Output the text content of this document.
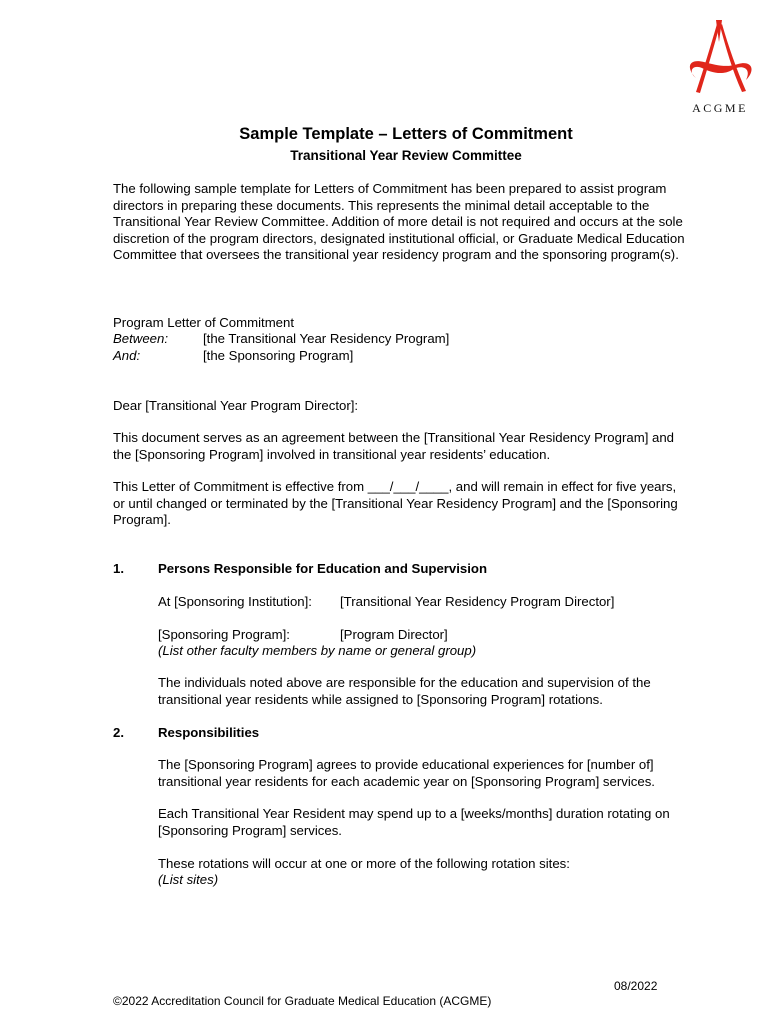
ACGME
Sample Template – Letters of Commitment
Transitional Year Review Committee
The following sample template for Letters of Commitment has been prepared to assist program directors in preparing these documents. This represents the minimal detail acceptable to the Transitional Year Review Committee. Addition of more detail is not required and occurs at the sole discretion of the program directors, designated institutional official, or Graduate Medical Education Committee that oversees the transitional year residency program and the sponsoring program(s).
Program Letter of Commitment
Between:	[the Transitional Year Residency Program]
And:	[the Sponsoring Program]
Dear [Transitional Year Program Director]:
This document serves as an agreement between the [Transitional Year Residency Program] and the [Sponsoring Program] involved in transitional year residents’ education.
This Letter of Commitment is effective from ___/___/____, and will remain in effect for five years, or until changed or terminated by the [Transitional Year Residency Program] and the [Sponsoring Program].
1.	Persons Responsible for Education and Supervision
At [Sponsoring Institution]: [Transitional Year Residency Program Director]
[Sponsoring Program]:	[Program Director]
(List other faculty members by name or general group)
The individuals noted above are responsible for the education and supervision of the transitional year residents while assigned to [Sponsoring Program] rotations.
2.	Responsibilities
The [Sponsoring Program] agrees to provide educational experiences for [number of] transitional year residents for each academic year on [Sponsoring Program] services.
Each Transitional Year Resident may spend up to a [weeks/months] duration rotating on [Sponsoring Program] services.
These rotations will occur at one or more of the following rotation sites:
(List sites)
08/2022
©2022 Accreditation Council for Graduate Medical Education (ACGME)
